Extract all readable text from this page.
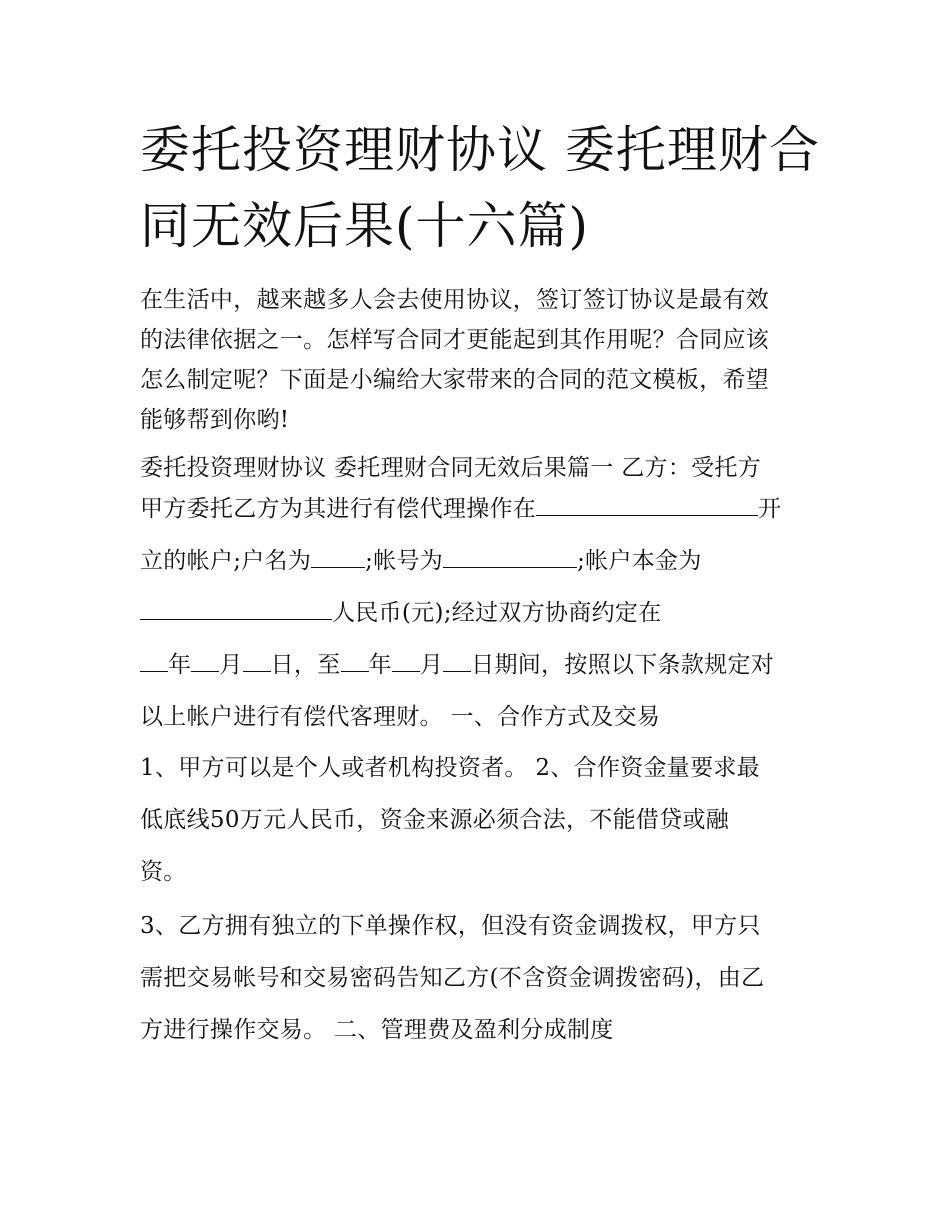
委托投资理财协议 委托理财合
同无效后果(十六篇)

在生活中，越来越多人会去使用协议，签订签订协议是最有效
的法律依据之一。怎样写合同才更能起到其作用呢？合同应该
怎么制定呢？下面是小编给大家带来的合同的范文模板，希望
能够帮到你哟!

委托投资理财协议 委托理财合同无效后果篇一 乙方：受托方

甲方委托乙方为其进行有偿代理操作在	开
立的帐户;户名为 ;帐号为	;帐户本金为
人民币(元);经过双方协商约定在
年 月 日，至 年 月 日期间，按照以下条款规定对
以上帐户进行有偿代客理财。 一、合作方式及交易

1、甲方可以是个人或者机构投资者。 2、合作资金量要求最
低底线50万元人民币，资金来源必须合法，不能借贷或融
资。

3、乙方拥有独立的下单操作权，但没有资金调拨权，甲方只
需把交易帐号和交易密码告知乙方(不含资金调拨密码)，由乙
方进行操作交易。 二、管理费及盈利分成制度
